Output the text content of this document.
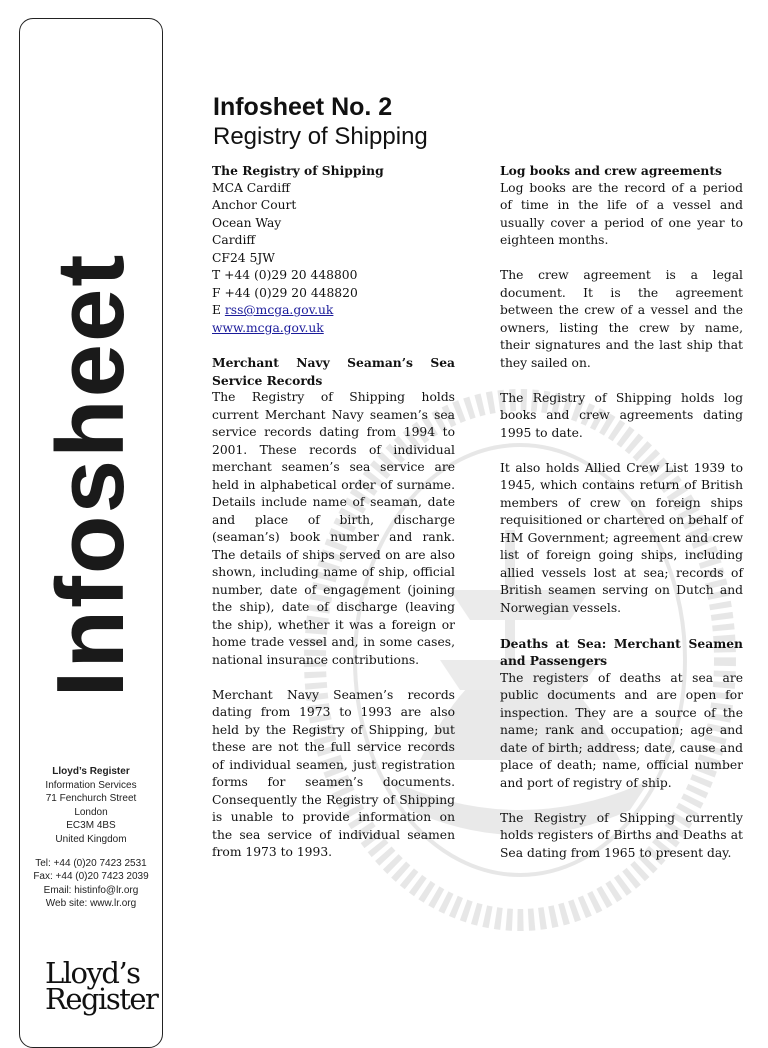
Infosheet
Lloyd’s Register
Information Services
71 Fenchurch Street
London
EC3M 4BS
United Kingdom
Tel: +44 (0)20 7423 2531
Fax: +44 (0)20 7423 2039
Email: histinfo@lr.org
Web site: www.lr.org
Lloyd’s
Register
Infosheet No. 2
Registry of Shipping
The Registry of Shipping
MCA Cardiff
Anchor Court
Ocean Way
Cardiff
CF24 5JW
T +44 (0)29 20 448800
F +44 (0)29 20 448820
E rss@mcga.gov.uk
www.mcga.gov.uk
Merchant Navy Seaman’s Sea Service Records

The Registry of Shipping holds current Merchant Navy seamen’s sea service records dating from 1994 to 2001. These records of individual merchant seamen’s sea service are held in alphabetical order of surname. Details include name of seaman, date and place of birth, discharge (seaman’s) book number and rank. The details of ships served on are also shown, including name of ship, official number, date of engagement (joining the ship), date of discharge (leaving the ship), whether it was a foreign or home trade vessel and, in some cases, national insurance contributions.

Merchant Navy Seamen’s records dating from 1973 to 1993 are also held by the Registry of Shipping, but these are not the full service records of individual seamen, just registration forms for seamen’s documents. Consequently the Registry of Shipping is unable to provide information on the sea service of individual seamen from 1973 to 1993.

Log books and crew agreements

Log books are the record of a period of time in the life of a vessel and usually cover a period of one year to eighteen months.

The crew agreement is a legal document. It is the agreement between the crew of a vessel and the owners, listing the crew by name, their signatures and the last ship that they sailed on.

The Registry of Shipping holds log books and crew agreements dating 1995 to date.

It also holds Allied Crew List 1939 to 1945, which contains return of British members of crew on foreign ships requisitioned or chartered on behalf of HM Government; agreement and crew list of foreign going ships, including allied vessels lost at sea; records of British seamen serving on Dutch and Norwegian vessels.

Deaths at Sea: Merchant Seamen and Passengers

The registers of deaths at sea are public documents and are open for inspection. They are a source of the name; rank and occupation; age and date of birth; address; date, cause and place of death; name, official number and port of registry of ship.

The Registry of Shipping currently holds registers of Births and Deaths at Sea dating from 1965 to present day.
